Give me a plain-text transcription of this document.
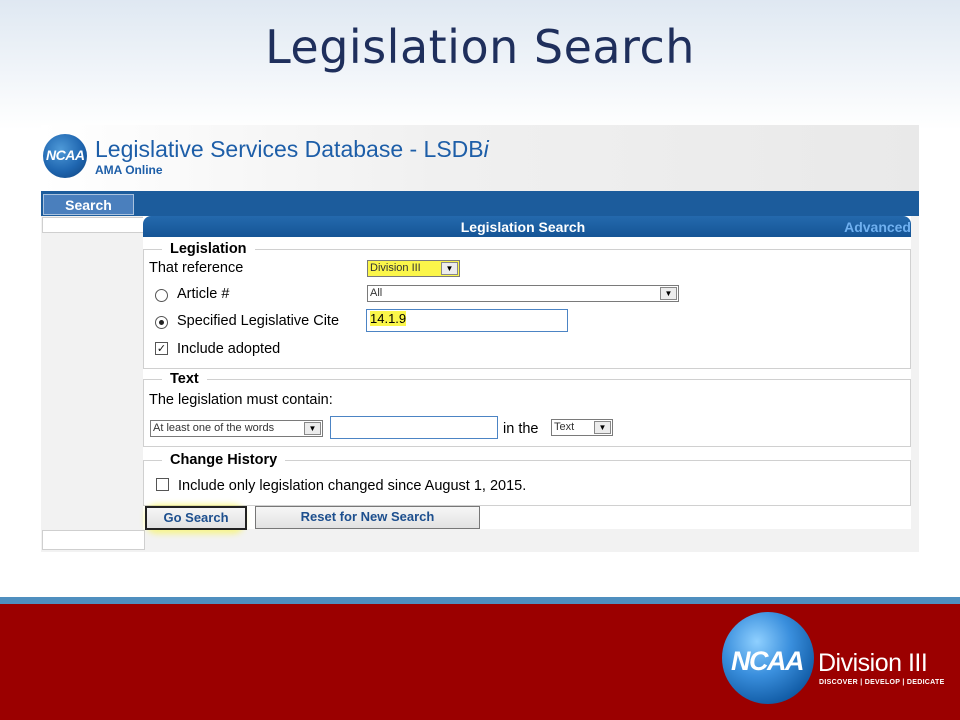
Legislation Search
NCAA Legislative Services Database - LSDBi
AMA Online
Search
Legislation Search	Advanced
Legislation
That reference	Division III	▼
Article #	All	▼
Specified Legislative Cite	14.1.9
✓ Include adopted
Text
The legislation must contain:
At least one of the words	▼	in the Text	▼
Change History
Include only legislation changed since August 1, 2015.
Go Search	Reset for New Search
NCAA Division III
DISCOVER | DEVELOP | DEDICATE
